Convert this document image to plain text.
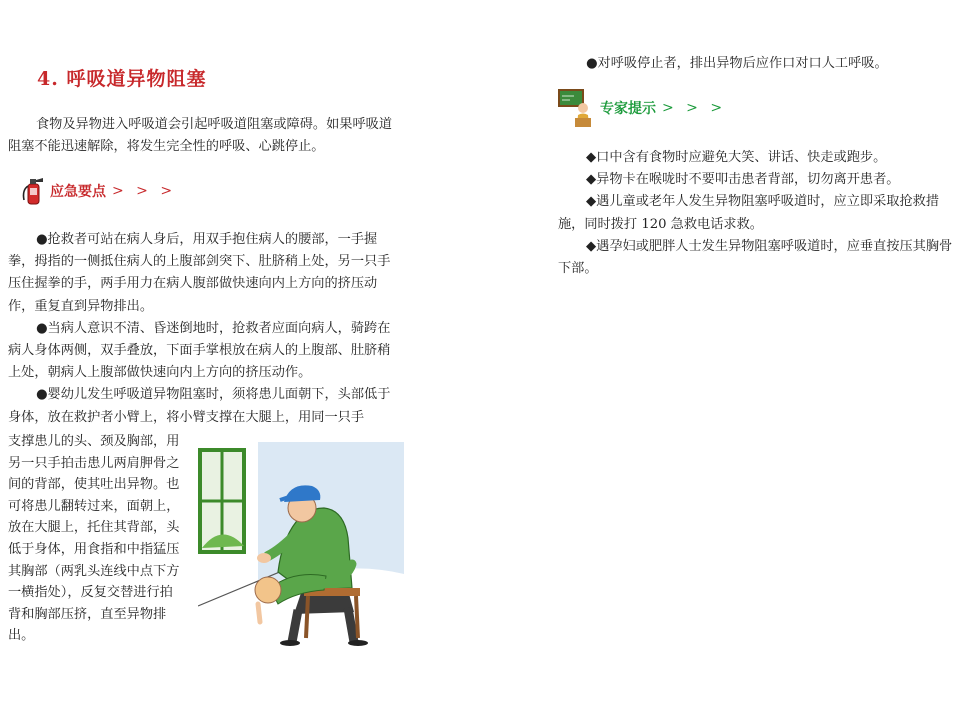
4. 呼吸道异物阻塞
食物及异物进入呼吸道会引起呼吸道阻塞或障碍。如果呼吸道阻塞不能迅速解除，将发生完全性的呼吸、心跳停止。
应急要点 > > >

●抢救者可站在病人身后，用双手抱住病人的腰部，一手握拳，拇指的一侧抵住病人的上腹部剑突下、肚脐稍上处，另一只手压住握拳的手，两手用力在病人腹部做快速向内上方向的挤压动作，重复直到异物排出。

●当病人意识不清、昏迷倒地时，抢救者应面向病人，骑跨在病人身体两侧，双手叠放，下面手掌根放在病人的上腹部、肚脐稍上处，朝病人上腹部做快速向内上方向的挤压动作。

●婴幼儿发生呼吸道异物阻塞时，须将患儿面朝下，头部低于身体，放在救护者小臂上，将小臂支撑在大腿上，用同一只手

支撑患儿的头、颈及胸部，用另一只手拍击患儿两肩胛骨之间的背部，使其吐出异物。也可将患儿翻转过来，面朝上，放在大腿上，托住其背部，头低于身体，用食指和中指猛压其胸部（两乳头连线中点下方一横指处），反复交替进行拍背和胸部压挤，直至异物排出。
●对呼吸停止者，排出异物后应作口对口人工呼吸。
专家提示 > > >

◆口中含有食物时应避免大笑、讲话、快走或跑步。

◆异物卡在喉咙时不要叩击患者背部，切勿离开患者。

◆遇儿童或老年人发生异物阻塞呼吸道时，应立即采取抢救措施，同时拨打 120 急救电话求救。

◆遇孕妇或肥胖人士发生异物阻塞呼吸道时，应垂直按压其胸骨下部。
